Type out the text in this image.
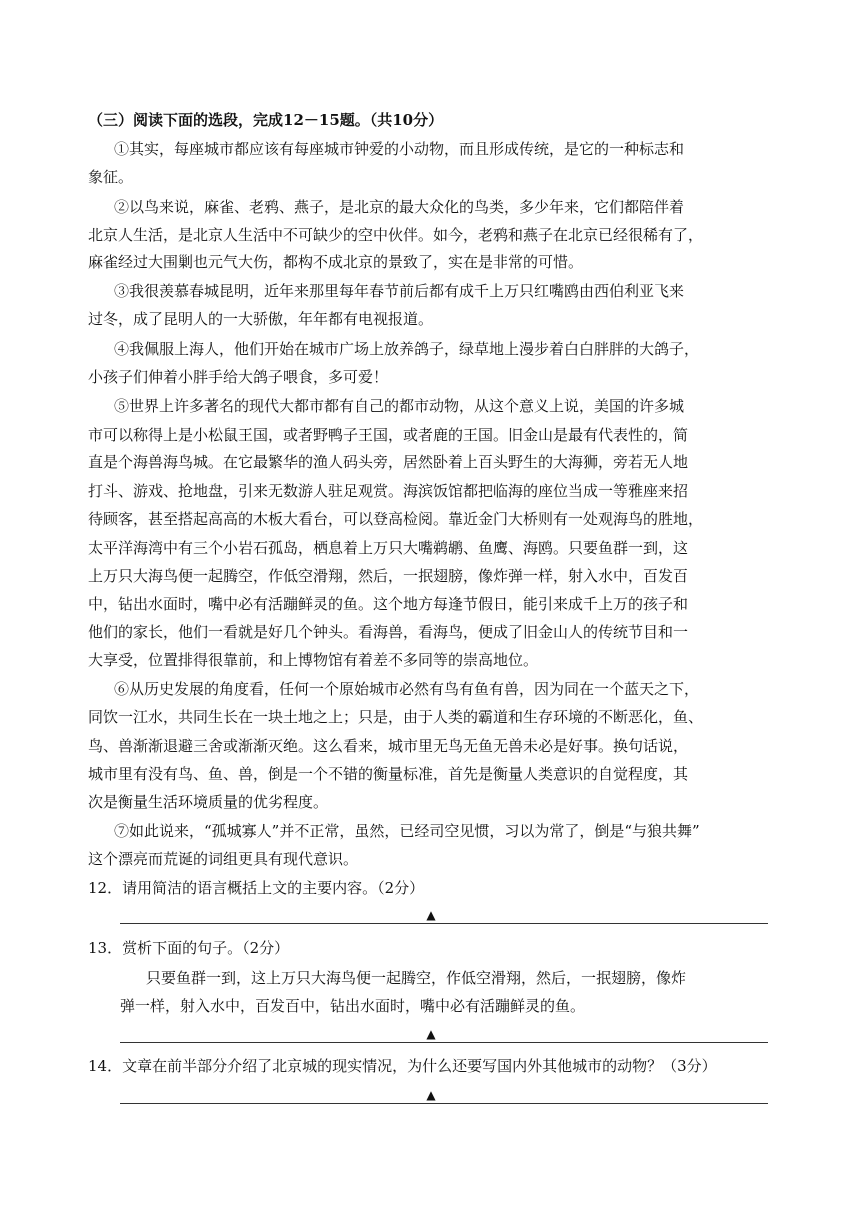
（三）阅读下面的选段，完成12－15题。（共10分）
①其实，每座城市都应该有每座城市钟爱的小动物，而且形成传统，是它的一种标志和
象征。
②以鸟来说，麻雀、老鸦、燕子，是北京的最大众化的鸟类，多少年来，它们都陪伴着
北京人生活，是北京人生活中不可缺少的空中伙伴。如今，老鸦和燕子在北京已经很稀有了，
麻雀经过大围剿也元气大伤，都构不成北京的景致了，实在是非常的可惜。
③我很羡慕春城昆明，近年来那里每年春节前后都有成千上万只红嘴鸥由西伯利亚飞来
过冬，成了昆明人的一大骄傲，年年都有电视报道。
④我佩服上海人，他们开始在城市广场上放养鸽子，绿草地上漫步着白白胖胖的大鸽子，
小孩子们伸着小胖手给大鸽子喂食，多可爱！
⑤世界上许多著名的现代大都市都有自己的都市动物，从这个意义上说，美国的许多城
市可以称得上是小松鼠王国，或者野鸭子王国，或者鹿的王国。旧金山是最有代表性的，简
直是个海兽海鸟城。在它最繁华的渔人码头旁，居然卧着上百头野生的大海狮，旁若无人地
打斗、游戏、抢地盘，引来无数游人驻足观赏。海滨饭馆都把临海的座位当成一等雅座来招
待顾客，甚至搭起高高的木板大看台，可以登高检阅。靠近金门大桥则有一处观海鸟的胜地，
太平洋海湾中有三个小岩石孤岛，栖息着上万只大嘴鹈鹕、鱼鹰、海鸥。只要鱼群一到，这
上万只大海鸟便一起腾空，作低空滑翔，然后，一抿翅膀，像炸弹一样，射入水中，百发百
中，钻出水面时，嘴中必有活蹦鲜灵的鱼。这个地方每逢节假日，能引来成千上万的孩子和
他们的家长，他们一看就是好几个钟头。看海兽，看海鸟，便成了旧金山人的传统节目和一
大享受，位置排得很靠前，和上博物馆有着差不多同等的崇高地位。
⑥从历史发展的角度看，任何一个原始城市必然有鸟有鱼有兽，因为同在一个蓝天之下，
同饮一江水，共同生长在一块土地之上；只是，由于人类的霸道和生存环境的不断恶化，鱼、
鸟、兽渐渐退避三舍或渐渐灭绝。这么看来，城市里无鸟无鱼无兽未必是好事。换句话说，
城市里有没有鸟、鱼、兽，倒是一个不错的衡量标准，首先是衡量人类意识的自觉程度，其
次是衡量生活环境质量的优劣程度。
⑦如此说来，“孤城寡人”并不正常，虽然，已经司空见惯，习以为常了，倒是“与狼共舞”
这个漂亮而荒诞的词组更具有现代意识。
12．请用简洁的语言概括上文的主要内容。（2分）
▲
13．赏析下面的句子。（2分）
只要鱼群一到，这上万只大海鸟便一起腾空，作低空滑翔，然后，一抿翅膀，像炸
弹一样，射入水中，百发百中，钻出水面时，嘴中必有活蹦鲜灵的鱼。
▲
14．文章在前半部分介绍了北京城的现实情况，为什么还要写国内外其他城市的动物？（3分）
▲
